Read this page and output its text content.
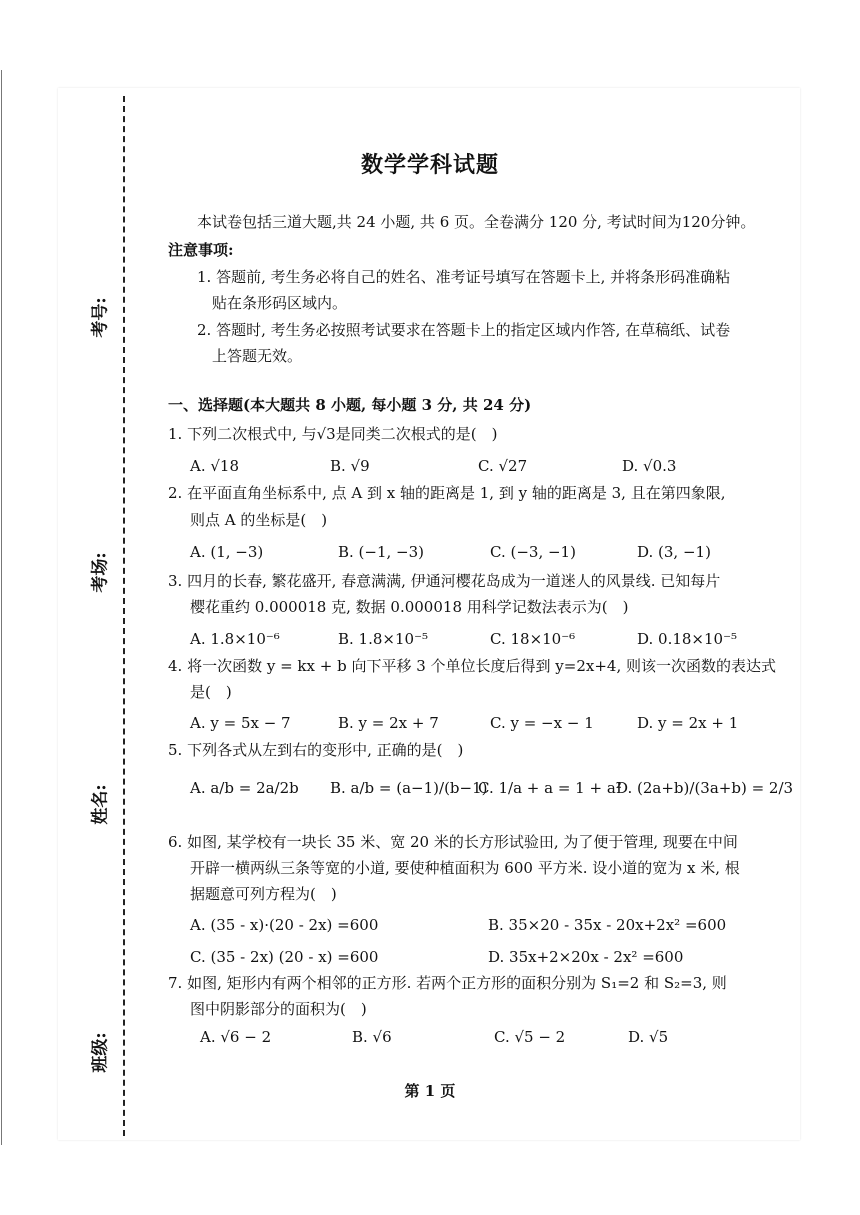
考号:
考场:
姓名:
班级:
数学学科试题
本试卷包括三道大题,共 24 小题, 共 6 页。全卷满分 120 分, 考试时间为120分钟。
注意事项:
1. 答题前, 考生务必将自己的姓名、准考证号填写在答题卡上, 并将条形码准确粘
贴在条形码区域内。
2. 答题时, 考生务必按照考试要求在答题卡上的指定区域内作答, 在草稿纸、试卷
上答题无效。
一、选择题(本大题共 8 小题, 每小题 3 分, 共 24 分)
1. 下列二次根式中, 与√3是同类二次根式的是(　)
A. √18	B. √9	C. √27	D. √0.3
2. 在平面直角坐标系中, 点 A 到 x 轴的距离是 1, 到 y 轴的距离是 3, 且在第四象限,
则点 A 的坐标是(　)
A. (1, −3)	B. (−1, −3)	C. (−3, −1)	D. (3, −1)
3. 四月的长春, 繁花盛开, 春意满满, 伊通河樱花岛成为一道迷人的风景线. 已知每片
樱花重约 0.000018 克, 数据 0.000018 用科学记数法表示为(　)
A. 1.8×10⁻⁶	B. 1.8×10⁻⁵	C. 18×10⁻⁶	D. 0.18×10⁻⁵
4. 将一次函数 y = kx + b 向下平移 3 个单位长度后得到 y=2x+4, 则该一次函数的表达式
是(　)
A. y = 5x − 7	B. y = 2x + 7	C. y = −x − 1	D. y = 2x + 1
5. 下列各式从左到右的变形中, 正确的是(　)
A. a/b = 2a/2b B. a/b = (a−1)/(b−1)
C. 1/a + a = 1 + a²
D. (2a+b)/(3a+b) = 2/3
6. 如图, 某学校有一块长 35 米、宽 20 米的长方形试验田, 为了便于管理, 现要在中间
开辟一横两纵三条等宽的小道, 要使种植面积为 600 平方米. 设小道的宽为 x 米, 根
据题意可列方程为(　)
A. (35 - x)·(20 - 2x) =600	B. 35×20 - 35x - 20x+2x² =600
C. (35 - 2x) (20 - x) =600	D. 35x+2×20x - 2x² =600
7. 如图, 矩形内有两个相邻的正方形. 若两个正方形的面积分别为 S₁=2 和 S₂=3, 则
图中阴影部分的面积为(　)
A. √6 − 2	B. √6	C. √5 − 2	D. √5
第 1 页
